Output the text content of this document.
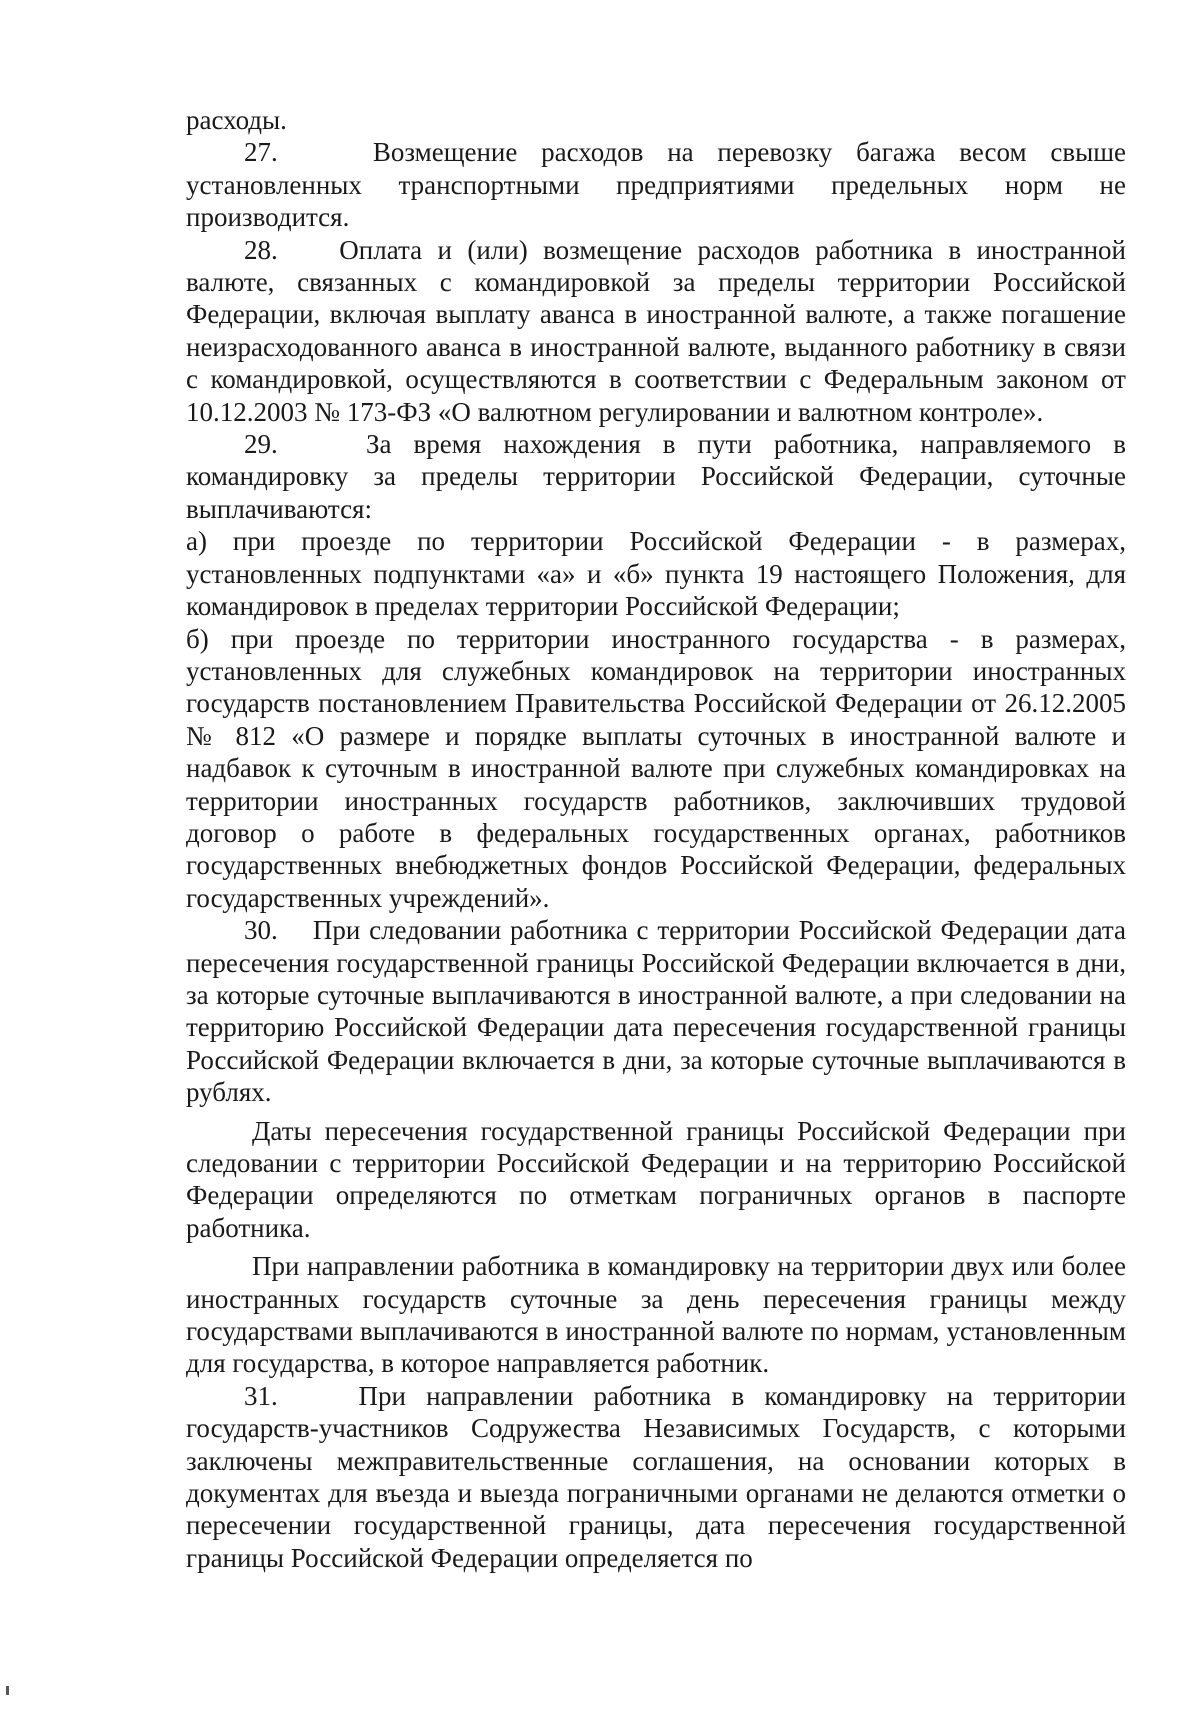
расходы.

27.    Возмещение расходов на перевозку багажа весом свыше установленных транспортными предприятиями предельных норм не производится.

28.    Оплата и (или) возмещение расходов работника в иностранной валюте, связанных с командировкой за пределы территории Российской Федерации, включая выплату аванса в иностранной валюте, а также погашение неизрасходованного аванса в иностранной валюте, выданного работнику в связи с командировкой, осуществляются в соответствии с Федеральным законом от 10.12.2003 № 173-ФЗ «О валютном регулировании и валютном контроле».

29.    За время нахождения в пути работника, направляемого в командировку за пределы территории Российской Федерации, суточные выплачиваются:

а) при проезде по территории Российской Федерации - в размерах, установленных подпунктами «а» и «б» пункта 19 настоящего Положения, для командировок в пределах территории Российской Федерации;

б) при проезде по территории иностранного государства - в размерах, установленных для служебных командировок на территории иностранных государств постановлением Правительства Российской Федерации от 26.12.2005 № 812 «О размере и порядке выплаты суточных в иностранной валюте и надбавок к суточным в иностранной валюте при служебных командировках на территории иностранных государств работников, заключивших трудовой договор о работе в федеральных государственных органах, работников государственных внебюджетных фондов Российской Федерации, федеральных государственных учреждений».

30.    При следовании работника с территории Российской Федерации дата пересечения государственной границы Российской Федерации включается в дни, за которые суточные выплачиваются в иностранной валюте, а при следовании на территорию Российской Федерации дата пересечения государственной границы Российской Федерации включается в дни, за которые суточные выплачиваются в рублях.

Даты пересечения государственной границы Российской Федерации при следовании с территории Российской Федерации и на территорию Российской Федерации определяются по отметкам пограничных органов в паспорте работника.

При направлении работника в командировку на территории двух или более иностранных государств суточные за день пересечения границы между государствами выплачиваются в иностранной валюте по нормам, установленным для государства, в которое направляется работник.

31.    При направлении работника в командировку на территории государств-участников Содружества Независимых Государств, с которыми заключены межправительственные соглашения, на основании которых в документах для въезда и выезда пограничными органами не делаются отметки о пересечении государственной границы, дата пересечения государственной границы Российской Федерации определяется по
